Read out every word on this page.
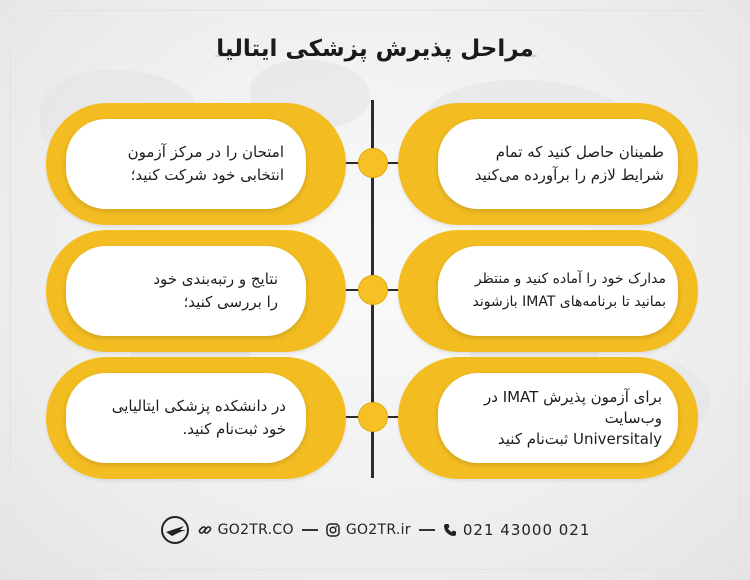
مراحل پذیرش پزشکی ایتالیا
امتحان را در مرکز آزمون
انتخابی خود شرکت کنید؛
نتایج و رتبه‌بندی خود
را بررسی کنید؛
در دانشکده پزشکی ایتالیایی
خود ثبت‌نام کنید.
طمینان حاصل کنید که تمام
شرایط لازم را برآورده می‌کنید
مدارک خود را آماده کنید و منتظر
بمانید تا برنامه‌های IMAT بازشوند
برای آزمون پذیرش IMAT در
وب‌سایت
Universitaly ثبت‌نام کنید
GO2TR.CO	GO2TR.ir	021 43000 021
